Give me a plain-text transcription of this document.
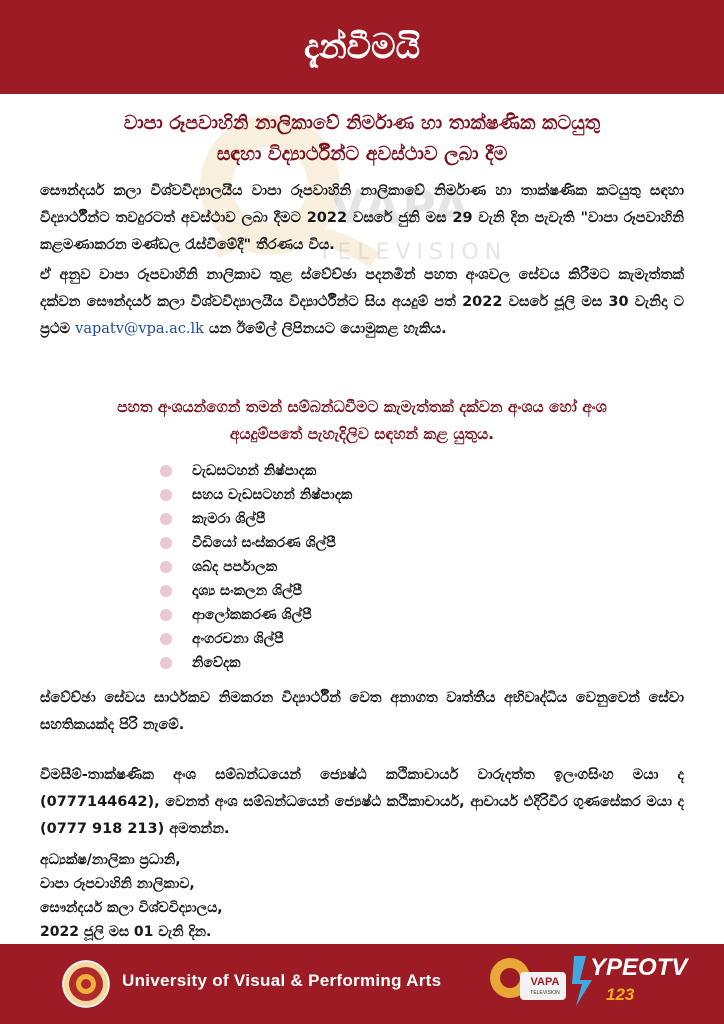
දැන්වීමයි
VAPA
TELEVISION
වාපා රූපවාහිනි නාලිකාවේ නිර්මාණ හා තාක්ෂණික කටයුතු
සඳහා විද්‍යාර්ථීන්ට අවස්ථාව ලබා දීම
සෞන්දර්ය කලා විශ්වවිද්‍යාලයීය වාපා රූපවාහිනි නාලිකාවේ නිර්මාණ හා තාක්ෂණික කටයුතු සඳහා විද්‍යාර්ථීන්ට තවදුරටත් අවස්ථාව ලබා දීමට 2022 වසරේ ජුනි මස 29 වැනි දින පැවැති "වාපා රූපවාහිනි කළමණාකරන මණ්ඩල රැස්වීමේදී" තීරණය විය.
ඒ අනුව වාපා රූපවාහිනි නාලිකාව තුළ ස්වේච්ඡා පදනමින් පහත අංශවල සේවය කිරීමට කැමැත්තක් දක්වන සෞන්දර්ය කලා විශ්වවිද්‍යාලයීය විද්‍යාර්ථීන්ට සිය අයදුම් පත් 2022 වසරේ ජූලි මස 30 වැනිදා ට ප්‍රථම vapatv@vpa.ac.lk යන ඊමේල් ලිපිනයට යොමුකළ හැකිය.
පහත අංශයන්ගෙන් තමන් සම්බන්ධවීමට කැමැත්තක් දක්වන අංශය හෝ අංශ
අයදුම්පතේ පැහැදිලිව සඳහන් කළ යුතුය.
වැඩසටහන් නිෂ්පාදක
සහය වැඩසටහන් නිෂ්පාදක
කැමරා ශිල්පී
වීඩියෝ සංස්කරණ ශිල්පී
ශබ්ද පර්පාලක
දෘශ්‍ය සංකලන ශිල්පී
ආලෝකකරණ ශිල්පී
අංගරචනා ශිල්පී
නිවේදක
ස්වේච්ඡා සේවය සාර්ථකව නිමකරන විද්‍යාර්ථීන් වෙත අනාගත වෘත්තීය අභිවෘද්ධිය වෙනුවෙන් සේවා සහතිකයක්ද පිරි නැමේ.
විමසීම්-තාක්ෂණික අංශ සම්බන්ධයෙන් ජ්‍යෙෂ්ඨ කථිකාචාර්ය වාරුදත්ත ඉලංගසිංහ මයා ද (0777144642), වෙනත් අංශ සම්බන්ධයෙන් ජ්‍යෙෂ්ඨ කථිකාචාර්ය, ආචාර්ය එදිරිවීර ගුණසේකර මයා ද (0777 918 213) අමතන්න.
අධ්‍යක්ෂ/නාලිකා ප්‍රධානි,
වාපා රූපවාහිනි නාලිකාව,
සෞන්දර්ය කලා විශ්වවිද්‍යාලය,
2022 ජූලි මස 01 වැනි දින.
University of Visual & Performing Arts	VAPA
TELEVISION
YPEOTV
123
